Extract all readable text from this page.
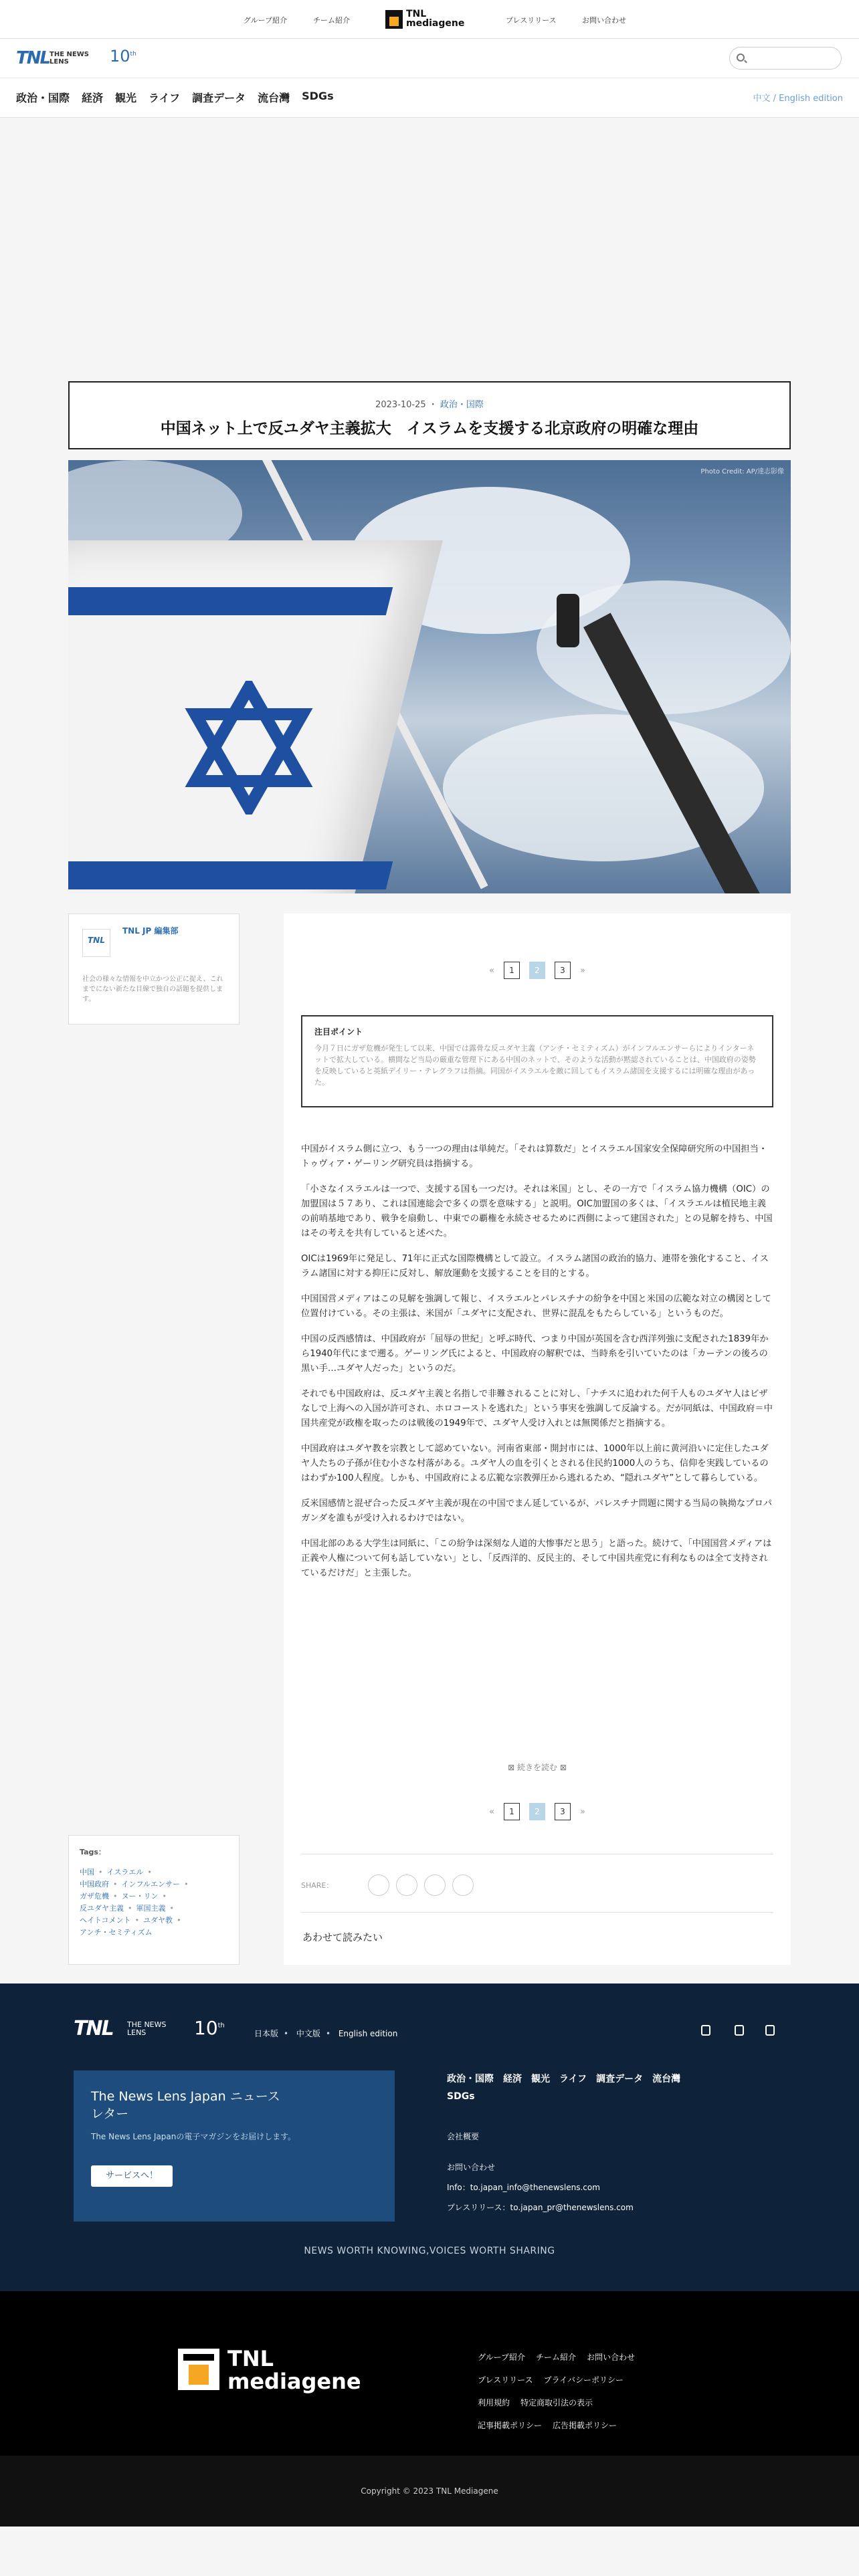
グループ紹介	チーム紹介
TNL mediagene	プレスリリース	お問い合わせ
TNL THE NEWS LENS	10th
政治・国際 経済 観光 ライフ 調査データ 流台灣 SDGs	中文 / English edition
2023-10-25 ・ 政治・国際
中国ネット上で反ユダヤ主義拡大　イスラムを支援する北京政府の明確な理由
Photo Credit: AP/達志影像
TNL
TNL JP 編集部
社会の様々な情報を中立かつ公正に捉え、これまでにない新たな目線で独自の話題を提供します。
«	1	2	3	»
注目ポイント
今月７日にガザ危機が発生して以来、中国では露骨な反ユダヤ主義（アンチ・セミティズム）がインフルエンサーらによりインターネットで拡大している。横間など当局の厳重な管理下にある中国のネットで、そのような活動が黙認されていることは、中国政府の姿勢を反映していると英紙デイリー・テレグラフは指摘。同国がイスラエルを敵に回してもイスラム諸国を支援するには明確な理由があった。

中国がイスラム側に立つ、もう一つの理由は単純だ。「それは算数だ」とイスラエル国家安全保障研究所の中国担当・トゥヴィア・ゲーリング研究員は指摘する。

「小さなイスラエルは一つで、支援する国も一つだけ。それは米国」とし、その一方で「イスラム協力機構（OIC）の加盟国は５７あり、これは国連総会で多くの票を意味する」と説明。OIC加盟国の多くは、「イスラエルは植民地主義の前哨基地であり、戦争を扇動し、中東での覇権を永続させるために西側によって建国された」との見解を持ち、中国はその考えを共有していると述べた。

OICは1969年に発足し、71年に正式な国際機構として設立。イスラム諸国の政治的協力、連帯を強化すること、イスラム諸国に対する抑圧に反対し、解放運動を支援することを目的とする。

中国国営メディアはこの見解を強調して報じ、イスラエルとパレスチナの紛争を中国と米国の広範な対立の構図として位置付けている。その主張は、米国が「ユダヤに支配され、世界に混乱をもたらしている」というものだ。

中国の反西感情は、中国政府が「屈辱の世紀」と呼ぶ時代、つまり中国が英国を含む西洋列強に支配された1839年から1940年代にまで遡る。ゲーリング氏によると、中国政府の解釈では、当時糸を引いていたのは「カーテンの後ろの黒い手…ユダヤ人だった」というのだ。

それでも中国政府は、反ユダヤ主義と名指しで非難されることに対し、「ナチスに追われた何千人ものユダヤ人はビザなしで上海への入国が許可され、ホロコーストを逃れた」という事実を強調して反論する。だが同紙は、中国政府＝中国共産党が政権を取ったのは戦後の1949年で、ユダヤ人受け入れとは無関係だと指摘する。

中国政府はユダヤ教を宗教として認めていない。河南省東部・開封市には、1000年以上前に黄河沿いに定住したユダヤ人たちの子孫が住む小さな村落がある。ユダヤ人の血を引くとされる住民約1000人のうち、信仰を実践しているのはわずか100人程度。しかも、中国政府による広範な宗教弾圧から逃れるため、“隠れユダヤ”として暮らしている。

反米国感情と混ぜ合った反ユダヤ主義が現在の中国でまん延しているが、パレスチナ問題に関する当局の執拗なプロパガンダを誰もが受け入れるわけではない。

中国北部のある大学生は同紙に、「この紛争は深刻な人道的大惨事だと思う」と語った。続けて、「中国国営メディアは正義や人権について何も話していない」とし、「反西洋的、反民主的、そして中国共産党に有利なものは全て支持されているだけだ」と主張した。

⊠ 続きを読む ⊠
«	1	2	3	»
SHARE：
あわせて読みたい
Tags：
中国 • イスラエル •
中国政府 • インフルエンサー •
ガザ危機 • ヌー・リン •
反ユダヤ主義 • 軍国主義 •
ヘイトコメント • ユダヤ教 •
アンチ・セミティズム
TNL THE NEWS LENS	10th
日本版 • 中文版 • English edition
The News Lens Japan ニュースレター
The News Lens Japanの電子マガジンをお届けします。
サービスへ！
政治・国際 経済 観光 ライフ 調査データ 流台灣
SDGs
会社概要

お問い合わせ
Info：to.japan_info@thenewslens.com
プレスリリース：to.japan_pr@thenewslens.com
NEWS WORTH KNOWING,VOICES WORTH SHARING
TNL mediagene
グループ紹介 チーム紹介 お問い合わせ
プレスリリース プライバシーポリシー
利用規約 特定商取引法の表示
記事掲載ポリシー 広告掲載ポリシー
Copyright © 2023 TNL Mediagene
